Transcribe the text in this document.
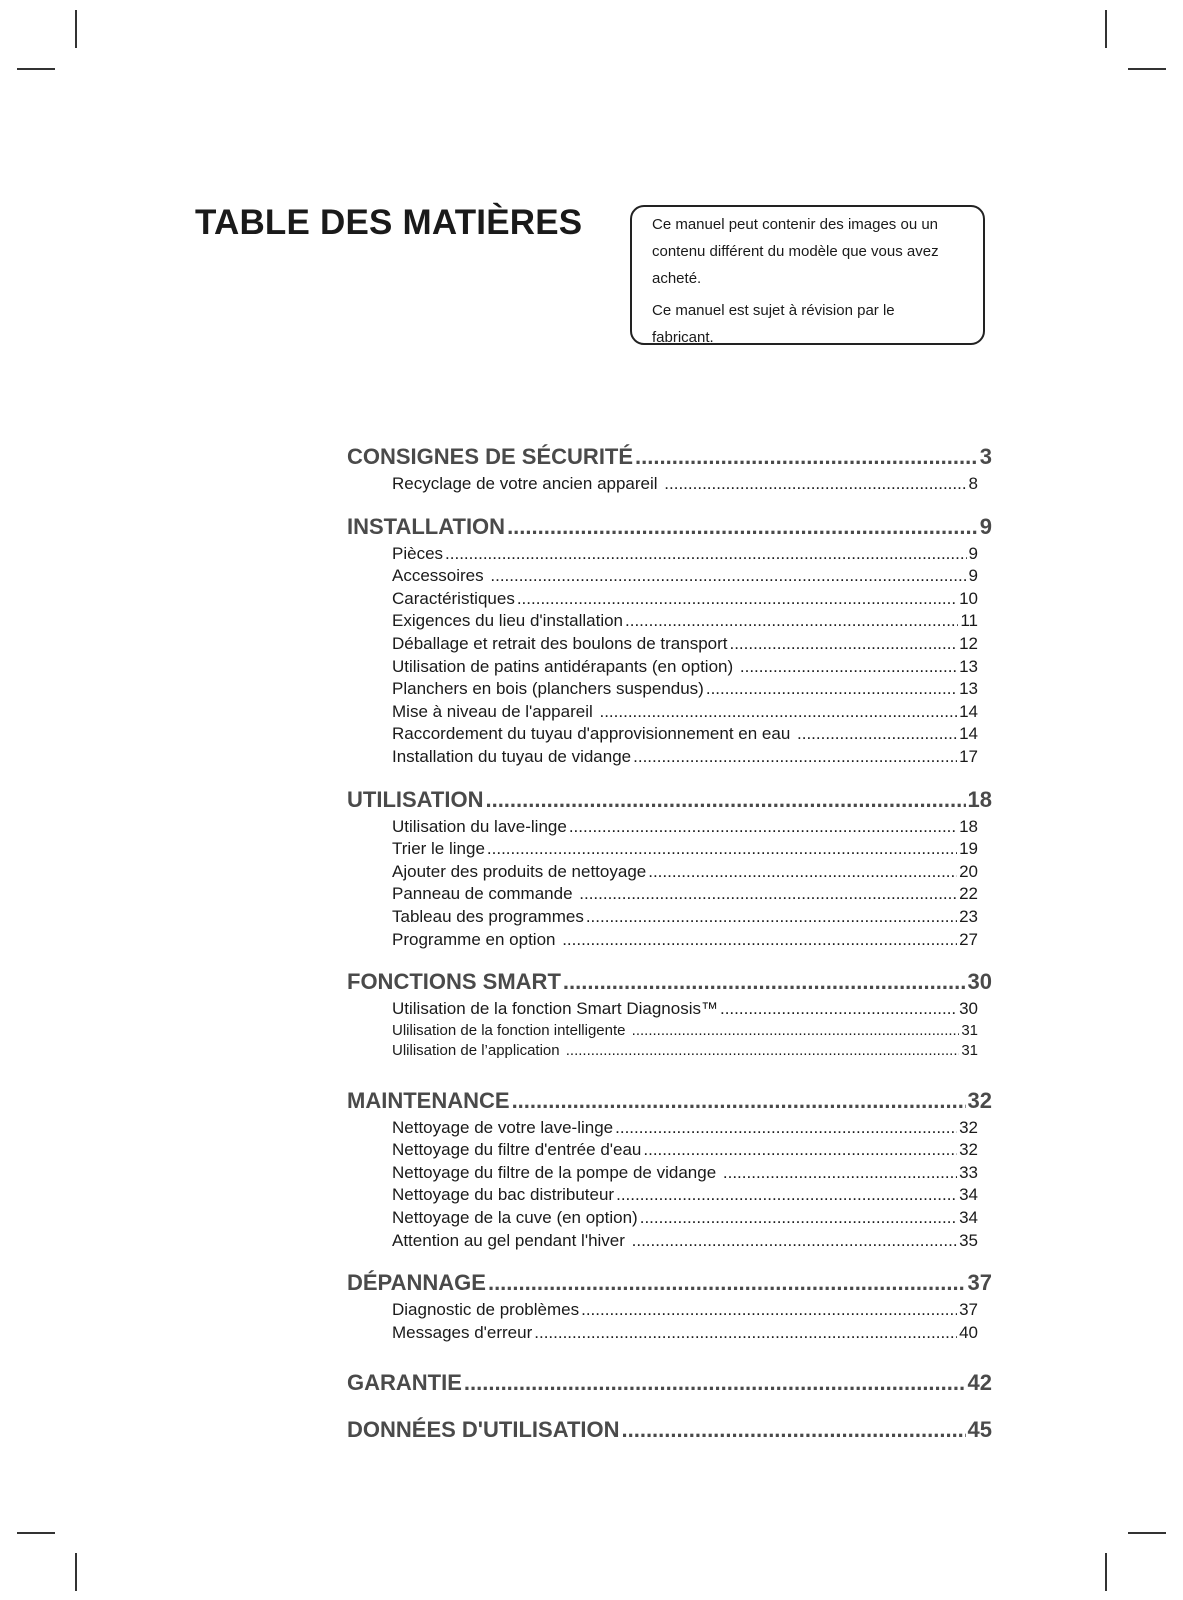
TABLE DES MATIÈRES	Ce manuel peut contenir des images ou un
contenu différent du modèle que vous avez
acheté.

Ce manuel est sujet à révision par le
fabricant.

CONSIGNES DE SÉCURITÉ .....	3
Recyclage de votre ancien appareil .....	8
INSTALLATION .....	9
Pièces .....	9
Accessoires .....	9
Caractéristiques .....	10
Exigences du lieu d'installation .....	11
Déballage et retrait des boulons de transport .....	12
Utilisation de patins antidérapants (en option) .....	13
Planchers en bois (planchers suspendus) .....	13
Mise à niveau de l'appareil .....	14
Raccordement du tuyau d'approvisionnement en eau .....	14
Installation du tuyau de vidange .....	17
UTILISATION .....	18
Utilisation du lave-linge .....	18
Trier le linge .....	19
Ajouter des produits de nettoyage .....	20
Panneau de commande .....	22
Tableau des programmes .....	23
Programme en option .....	27
FONCTIONS SMART .....	30
Utilisation de la fonction Smart Diagnosis™ .....	30
Ulilisation de la fonction intelligente .....	31
Ulilisation de l’application .....	31
MAINTENANCE .....	32
Nettoyage de votre lave-linge .....	32
Nettoyage du filtre d'entrée d'eau .....	32
Nettoyage du filtre de la pompe de vidange .....	33
Nettoyage du bac distributeur .....	34
Nettoyage de la cuve (en option) .....	34
Attention au gel pendant l'hiver .....	35
DÉPANNAGE .....	37
Diagnostic de problèmes .....	37
Messages d'erreur .....	40
GARANTIE .....	42
DONNÉES D'UTILISATION .....	45
